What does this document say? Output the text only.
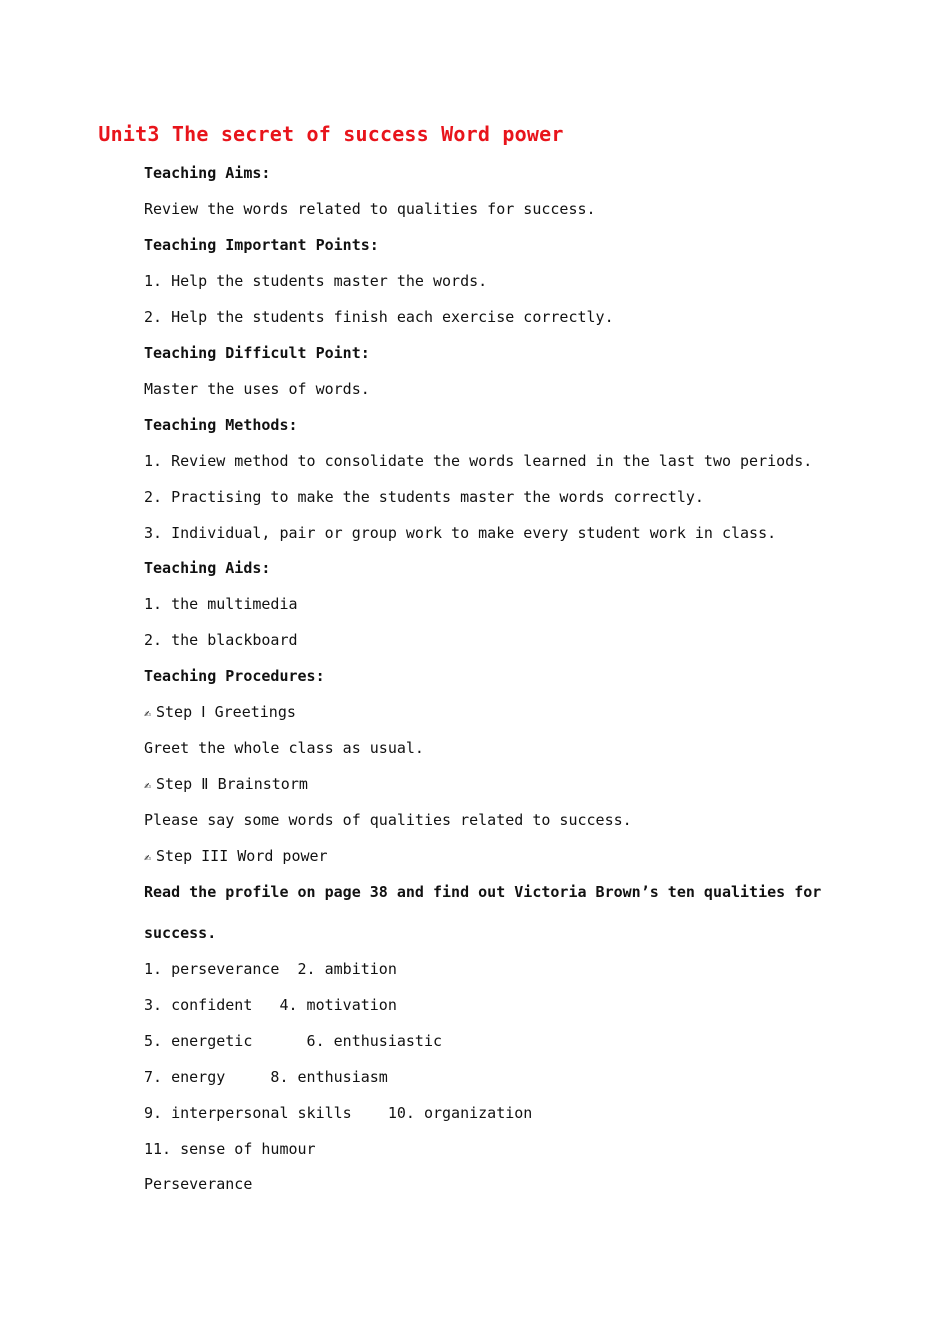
Unit3 The secret of success Word power
Teaching Aims:
Review the words related to qualities for success.
Teaching Important Points:
1. Help the students master the words.
2. Help the students finish each exercise correctly.
Teaching Difficult Point:
Master the uses of words.
Teaching Methods:
1. Review method to consolidate the words learned in the last two periods.
2. Practising to make the students master the words correctly.
3. Individual, pair or group work to make every student work in class.
Teaching Aids:
1. the multimedia
2. the blackboard
Teaching Procedures:
✍ Step Ⅰ Greetings
Greet the whole class as usual.
✍ Step Ⅱ Brainstorm
Please say some words of qualities related to success.
✍ Step III Word power
Read the profile on page 38 and find out Victoria Brown’s ten qualities for
success.
1. perseverance  2. ambition
3. confident   4. motivation
5. energetic      6. enthusiastic
7. energy     8. enthusiasm
9. interpersonal skills    10. organization
11. sense of humour
Perseverance
